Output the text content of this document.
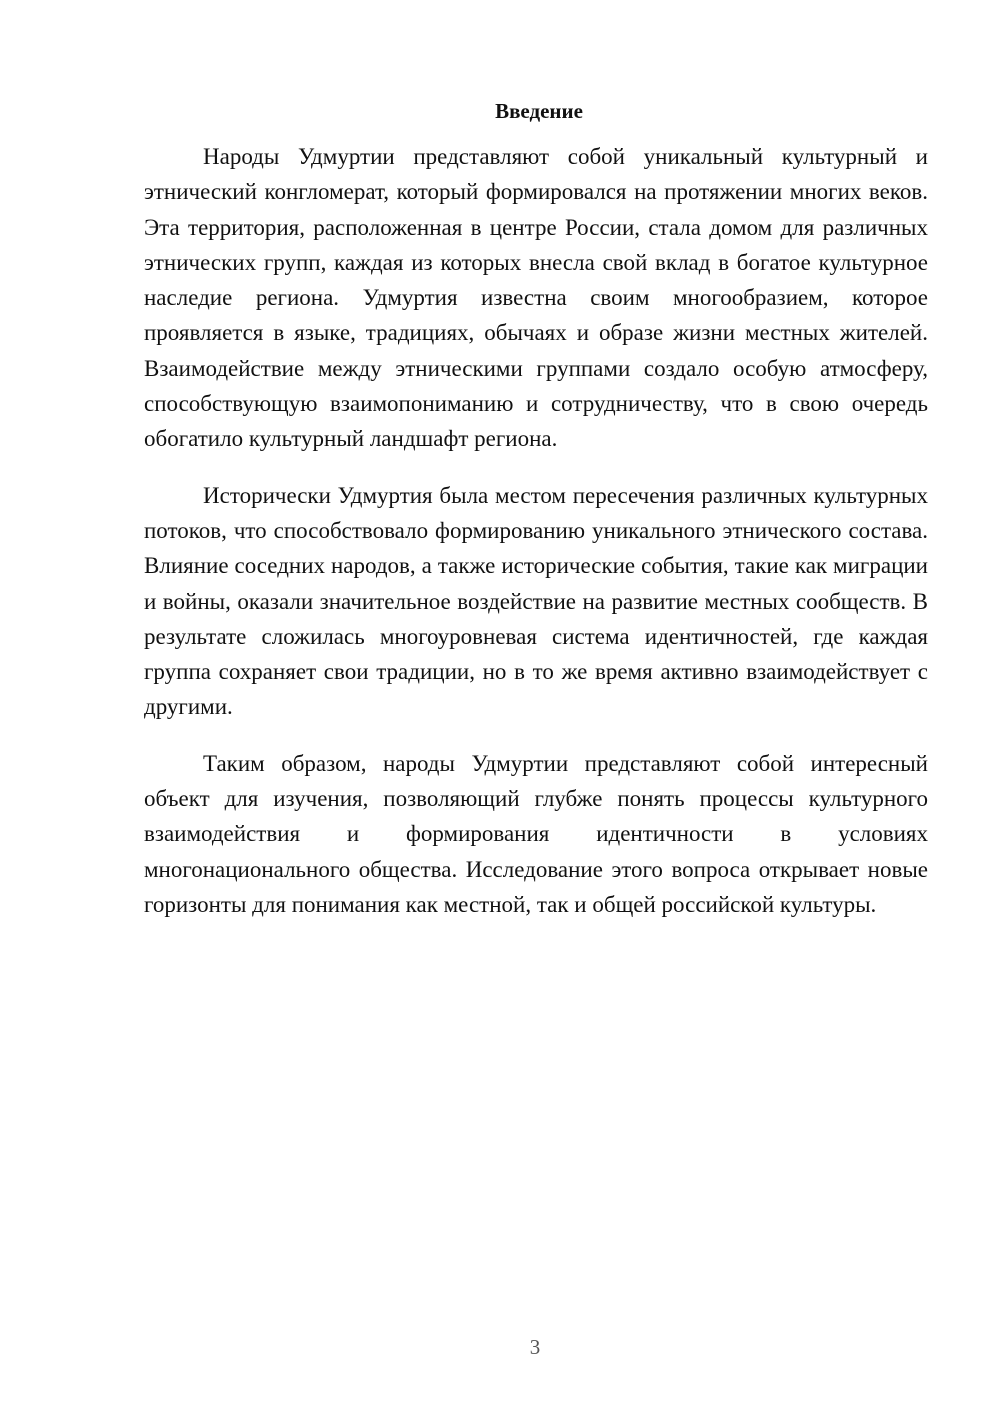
Введение

Народы Удмуртии представляют собой уникальный культурный и этнический конгломерат, который формировался на протяжении многих веков. Эта территория, расположенная в центре России, стала домом для различных этнических групп, каждая из которых внесла свой вклад в богатое культурное наследие региона. Удмуртия известна своим многообразием, которое проявляется в языке, традициях, обычаях и образе жизни местных жителей. Взаимодействие между этническими группами создало особую атмосферу, способствующую взаимопониманию и сотрудничеству, что в свою очередь обогатило культурный ландшафт региона.

Исторически Удмуртия была местом пересечения различных культурных потоков, что способствовало формированию уникального этнического состава. Влияние соседних народов, а также исторические события, такие как миграции и войны, оказали значительное воздействие на развитие местных сообществ. В результате сложилась многоуровневая система идентичностей, где каждая группа сохраняет свои традиции, но в то же время активно взаимодействует с другими.

Таким образом, народы Удмуртии представляют собой интересный объект для изучения, позволяющий глубже понять процессы культурного взаимодействия и формирования идентичности в условиях многонационального общества. Исследование этого вопроса открывает новые горизонты для понимания как местной, так и общей российской культуры.

3
